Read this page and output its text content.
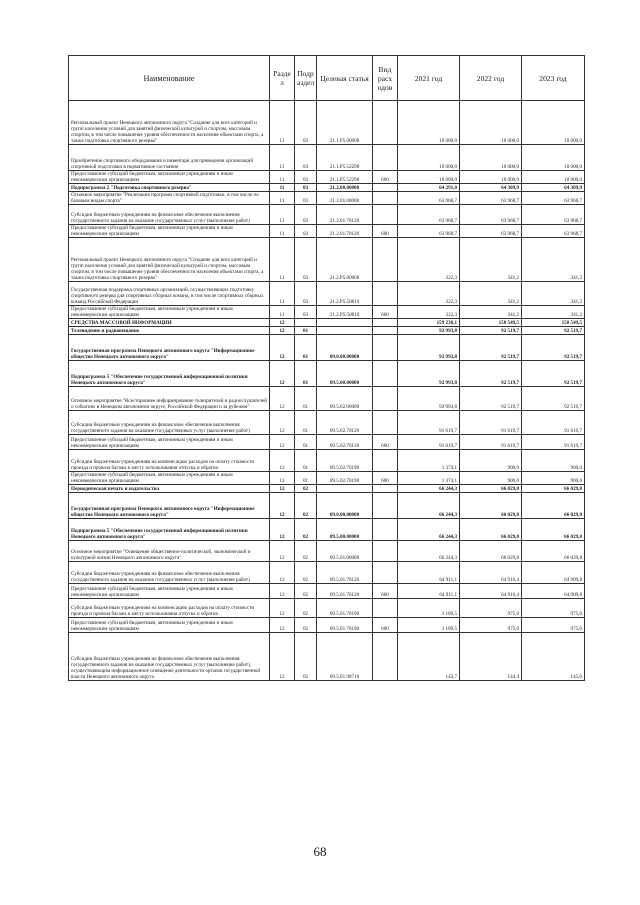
Наименование	Разде л	Подр аздел	Целевая статья	Вид расх одов	2021 год	2022 год	2023 год
Региональный проект Ненецкого автономного округа "Создание для всех категорий и групп населения условий для занятий физической культурой и спортом, массовым спортом, в том числе повышение уровня обеспеченности населения объектами спорта, а также подготовка спортивного резерва"	11	03	21.1.Р5.00000		10 000,0	10 000,0	10 000,0
Приобретение спортивного оборудования и инвентаря для приведения организаций спортивной подготовки в нормативное состояние	11	03	21.1.Р5.52290		10 000,0	10 000,0	10 000,0
Предоставление субсидий бюджетным, автономным учреждениям и иным некоммерческим организациям	11	03	21.1.Р5.52290	600	10 000,0	10 000,0	10 000,0
Подпрограмма 2 "Подготовка спортивного резерва"	11	03	21.2.00.00000		64 291,0	64 309,9	64 309,9
Основное мероприятие "Реализация программ спортивной подготовки, в том числе по базовым видам спорта"	11	03	21.2.01.00000		63 968,7	63 968,7	63 968,7
Субсидии бюджетным учреждениям на финансовое обеспечение выполнения государственного задания на оказание государственных услуг (выполнение работ)	11	03	21.2.01.70120		63 968,7	63 968,7	63 968,7
Предоставление субсидий бюджетным, автономным учреждениям и иным некоммерческим организациям	11	03	21.2.01.70120	600	63 968,7	63 968,7	63 968,7
Региональный проект Ненецкого автономного округа "Создание для всех категорий и групп населения условий для занятий физической культурой и спортом, массовым спортом, в том числе повышение уровня обеспеченности населения объектами спорта, а также подготовка спортивного резерва"	11	03	21.2.Р5.00000		322,3	341,2	341,2
Государственная поддержка спортивных организаций, осуществляющих подготовку спортивного резерва для спортивных сборных команд, в том числе спортивных сборных команд Российской Федерации	11	03	21.2.Р5.50810		322,3	341,2	341,2
Предоставление субсидий бюджетным, автономным учреждениям и иным некоммерческим организациям	11	03	21.2.Р5.50810	600	322,3	341,2	341,2
СРЕДСТВА МАССОВОЙ ИНФОРМАЦИИ	12				159 238,1	158 549,5	158 549,5
Телевидение и радиовещание	12	01			92 993,8	92 519,7	92 519,7
Государственная программа Ненецкого автономного округа "Информационное общество Ненецкого автономного округа"	12	01	09.0.00.00000		92 993,8	92 519,7	92 519,7
Подпрограмма 5 "Обеспечение государственной информационной политики Ненецкого автономного округа"	12	01	09.5.00.00000		92 993,8	92 519,7	92 519,7
Основное мероприятие "Всестороннее информирование телезрителей и радиослушателей о событиях в Ненецком автономном округе, Российской Федерации и за рубежом"	12	01	09.5.02.00000		92 993,8	92 519,7	92 519,7
Субсидии бюджетным учреждениям на финансовое обеспечение выполнения государственного задания на оказание государственных услуг (выполнение работ)	12	01	09.5.02.70120		91 619,7	91 619,7	91 619,7
Предоставление субсидий бюджетным, автономным учреждениям и иным некоммерческим организациям	12	01	09.5.02.70120	600	91 619,7	91 619,7	91 619,7
Субсидии бюджетным учреждениям на компенсацию расходов на оплату стоимости проезда и провоза багажа к месту использования отпуска и обратно	12	01	09.5.02.70190		1 374,1	900,0	900,0
Предоставление субсидий бюджетным, автономным учреждениям и иным некоммерческим организациям	12	01	09.5.02.70190	600	1 374,1	900,0	900,0
Периодическая печать и издательства	12	02			66 244,3	66 029,8	66 029,8
Государственная программа Ненецкого автономного округа "Информационное общество Ненецкого автономного округа"	12	02	09.0.00.00000		66 244,3	66 029,8	66 029,8
Подпрограмма 5 "Обеспечение государственной информационной политики Ненецкого автономного округа"	12	02	09.5.00.00000		66 244,3	66 029,8	66 029,8
Основное мероприятие "Освещение общественно-политической, экономической и культурной жизни Ненецкого автономного округа"	12	02	09.5.01.00000		66 244,3	66 029,8	66 029,8
Субсидии бюджетным учреждениям на финансовое обеспечение выполнения государственного задания на оказание государственных услуг (выполнение работ)	12	02	09.5.01.70120		64 911,1	64 910,4	64 909,8
Предоставление субсидий бюджетным, автономным учреждениям и иным некоммерческим организациям	12	02	09.5.01.70120	600	64 911,1	64 910,4	64 909,8
Субсидии бюджетным учреждениям на компенсацию расходов на оплату стоимости проезда и провоза багажа к месту использования отпуска и обратно	12	02	09.5.01.70190		1 189,5	975,0	975,0
Предоставление субсидий бюджетным, автономным учреждениям и иным некоммерческим организациям	12	02	09.5.01.70190	600	1 189,5	975,0	975,0
Субсидии бюджетным учреждениям на финансовое обеспечение выполнения государственного задания на оказание государственных услуг (выполнение работ), осуществляющим информационное освещение деятельности органов государственной власти Ненецкого автономного округа	12	02	09.5.01.98710		143,7	144,4	145,0
68
